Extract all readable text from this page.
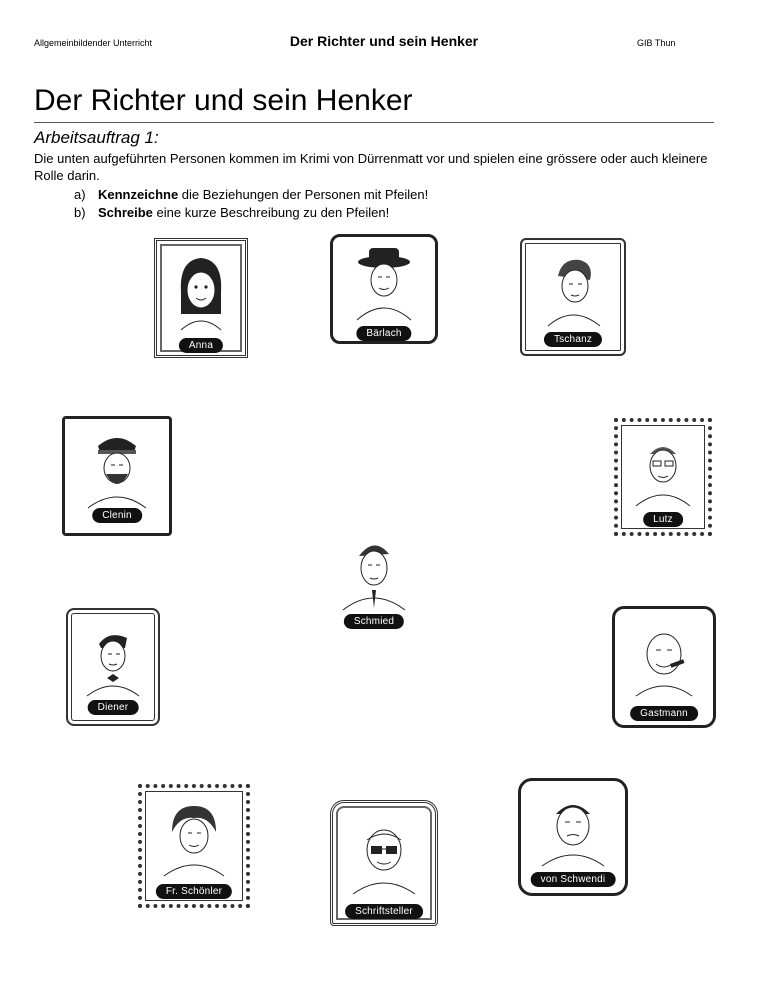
Allgemeinbildender Unterricht	Der Richter und sein Henker	GIB Thun
Der Richter und sein Henker
Arbeitsauftrag 1:
Die unten aufgeführten Personen kommen im Krimi von Dürrenmatt vor und spielen eine grössere oder auch kleinere Rolle darin.
a) Kennzeichne die Beziehungen der Personen mit Pfeilen!
b) Schreibe eine kurze Beschreibung zu den Pfeilen!
Anna
Bärlach
Tschanz
Clenin	Lutz
Schmied
Diener
Gastmann
Fr. Schönler
Schriftsteller
von Schwendi
